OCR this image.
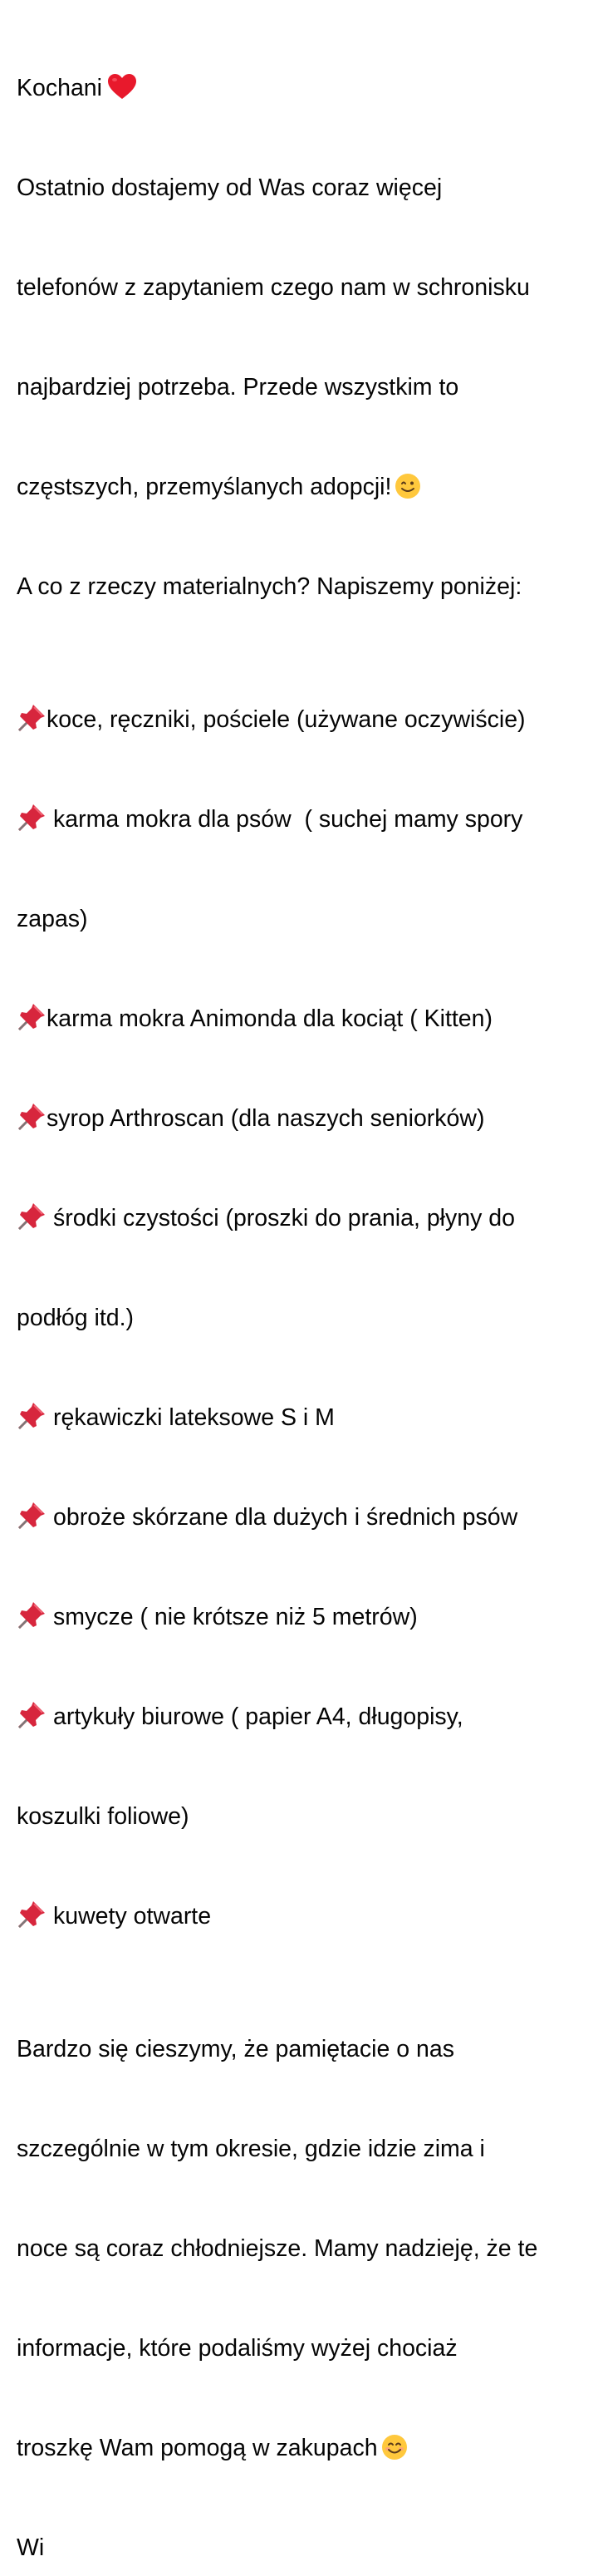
Kochani

Ostatnio dostajemy od Was coraz więcej

telefonów z zapytaniem czego nam w schronisku

najbardziej potrzeba. Przede wszystkim to

częstszych, przemyślanych adopcji!

A co z rzeczy materialnych? Napiszemy poniżej:

koce, ręczniki, pościele (używane oczywiście)

karma mokra dla psów  ( suchej mamy spory

zapas)

karma mokra Animonda dla kociąt ( Kitten)

syrop Arthroscan (dla naszych seniorków)

środki czystości (proszki do prania, płyny do

podłóg itd.)

rękawiczki lateksowe S i M

obroże skórzane dla dużych i średnich psów

smycze ( nie krótsze niż 5 metrów)

artykuły biurowe ( papier A4, długopisy,

koszulki foliowe)

kuwety otwarte

Bardzo się cieszymy, że pamiętacie o nas

szczególnie w tym okresie, gdzie idzie zima i

noce są coraz chłodniejsze. Mamy nadzieję, że te

informacje, które podaliśmy wyżej chociaż

troszkę Wam pomogą w zakupach

Wi
